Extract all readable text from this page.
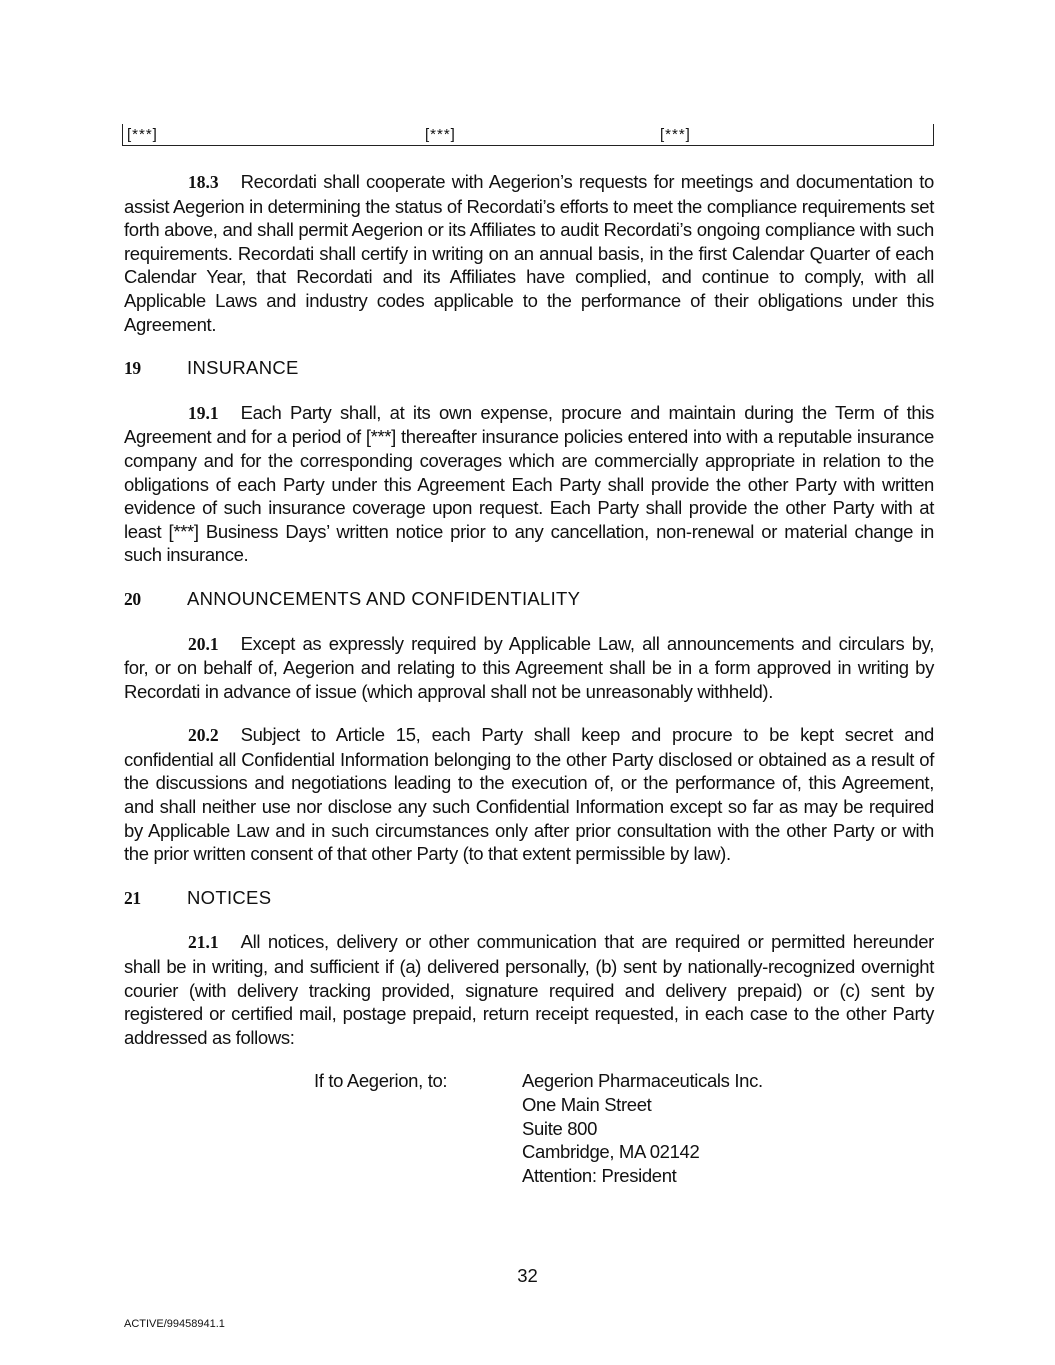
[***]	[***]	[***]

18.3 Recordati shall cooperate with Aegerion’s requests for meetings and documentation to assist Aegerion in determining the status of Recordati’s efforts to meet the compliance requirements set forth above, and shall permit Aegerion or its Affiliates to audit Recordati’s ongoing compliance with such requirements. Recordati shall certify in writing on an annual basis, in the first Calendar Quarter of each Calendar Year, that Recordati and its Affiliates have complied, and continue to comply, with all Applicable Laws and industry codes applicable to the performance of their obligations under this Agreement.

19	INSURANCE

19.1 Each Party shall, at its own expense, procure and maintain during the Term of this Agreement and for a period of [***] thereafter insurance policies entered into with a reputable insurance company and for the corresponding coverages which are commercially appropriate in relation to the obligations of each Party under this Agreement Each Party shall provide the other Party with written evidence of such insurance coverage upon request. Each Party shall provide the other Party with at least [***] Business Days’ written notice prior to any cancellation, non-renewal or material change in such insurance.

20	ANNOUNCEMENTS AND CONFIDENTIALITY

20.1 Except as expressly required by Applicable Law, all announcements and circulars by, for, or on behalf of, Aegerion and relating to this Agreement shall be in a form approved in writing by Recordati in advance of issue (which approval shall not be unreasonably withheld).

20.2 Subject to Article 15, each Party shall keep and procure to be kept secret and confidential all Confidential Information belonging to the other Party disclosed or obtained as a result of the discussions and negotiations leading to the execution of, or the performance of, this Agreement, and shall neither use nor disclose any such Confidential Information except so far as may be required by Applicable Law and in such circumstances only after prior consultation with the other Party or with the prior written consent of that other Party (to that extent permissible by law).

21	NOTICES

21.1 All notices, delivery or other communication that are required or permitted hereunder shall be in writing, and sufficient if (a) delivered personally, (b) sent by nationally-recognized overnight courier (with delivery tracking provided, signature required and delivery prepaid) or (c) sent by registered or certified mail, postage prepaid, return receipt requested, in each case to the other Party addressed as follows:

If to Aegerion, to:	Aegerion Pharmaceuticals Inc.
One Main Street
Suite 800
Cambridge, MA 02142
Attention: President
32
ACTIVE/99458941.1
